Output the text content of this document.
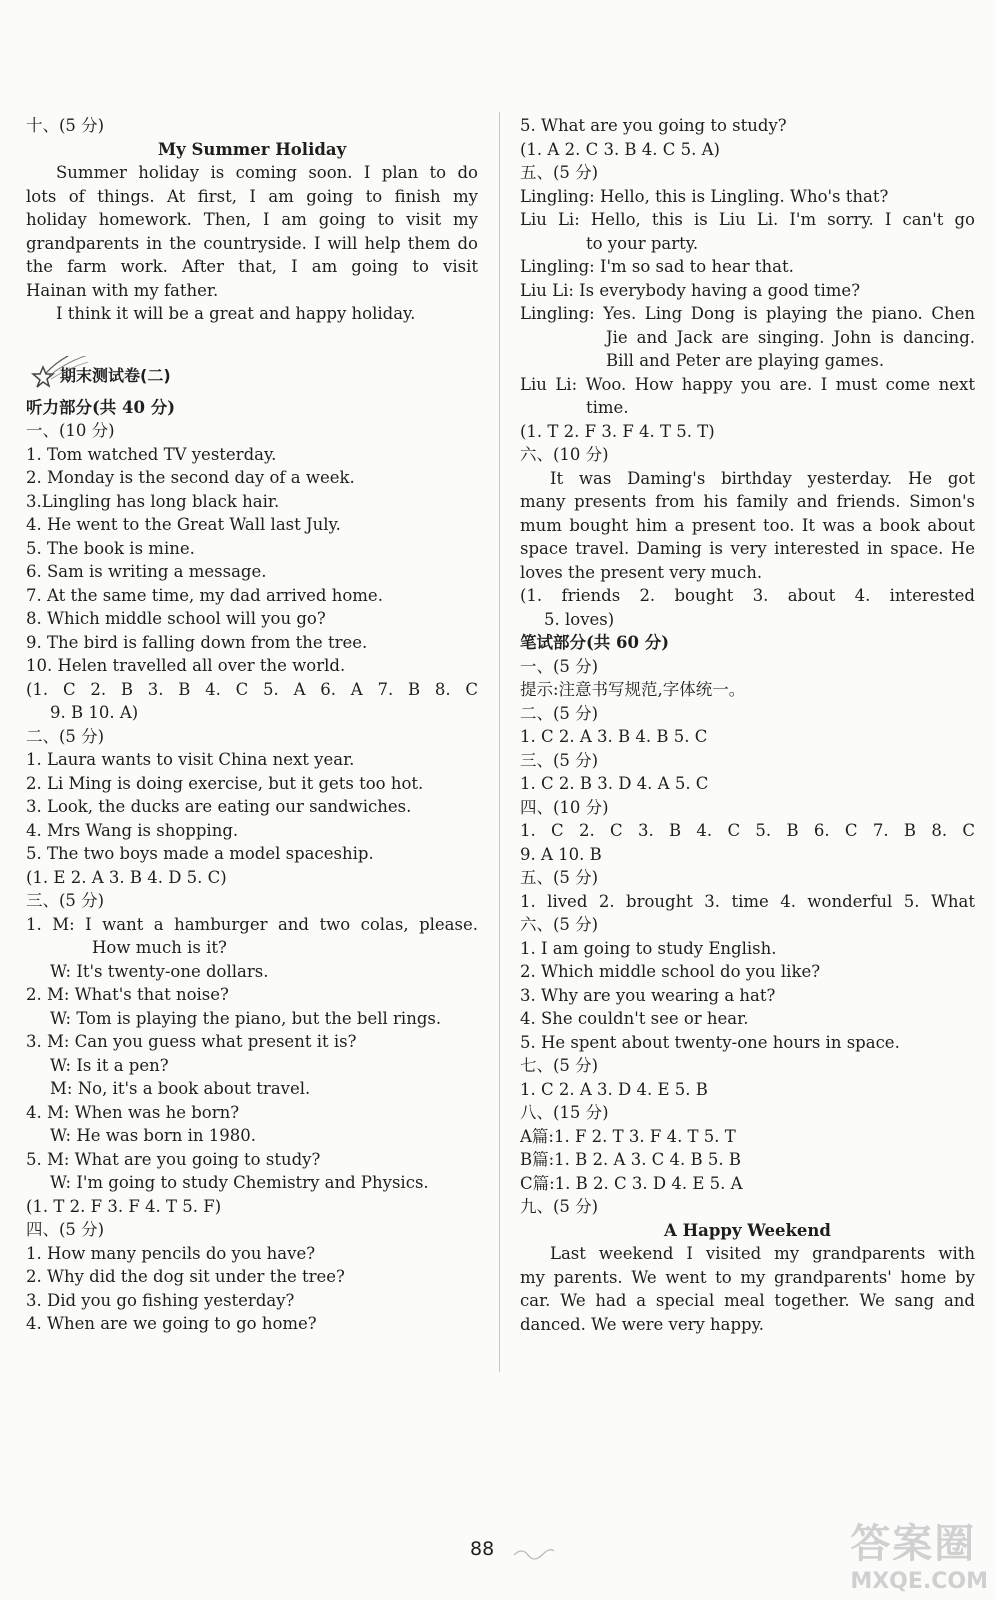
十、(5 分)
My Summer Holiday
Summer holiday is coming soon. I plan to do
lots of things. At first, I am going to finish my
holiday homework. Then, I am going to visit my
grandparents in the countryside. I will help them do
the farm work. After that, I am going to visit
Hainan with my father.
I think it will be a great and happy holiday.
期末测试卷(二)
听力部分(共 40 分)
一、(10 分)
1. Tom watched TV yesterday.
2. Monday is the second day of a week.
3.Lingling has long black hair.
4. He went to the Great Wall last July.
5. The book is mine.
6. Sam is writing a message.
7. At the same time, my dad arrived home.
8. Which middle school will you go?
9. The bird is falling down from the tree.
10. Helen travelled all over the world.
(1. C 2. B 3. B 4. C 5. A 6. A 7. B 8. C
9. B 10. A)
二、(5 分)
1. Laura wants to visit China next year.
2. Li Ming is doing exercise, but it gets too hot.
3. Look, the ducks are eating our sandwiches.
4. Mrs Wang is shopping.
5. The two boys made a model spaceship.
(1. E 2. A 3. B 4. D 5. C)
三、(5 分)
1. M: I want a hamburger and two colas, please.
How much is it?
W: It's twenty-one dollars.
2. M: What's that noise?
W: Tom is playing the piano, but the bell rings.
3. M: Can you guess what present it is?
W: Is it a pen?
M: No, it's a book about travel.
4. M: When was he born?
W: He was born in 1980.
5. M: What are you going to study?
W: I'm going to study Chemistry and Physics.
(1. T 2. F 3. F 4. T 5. F)
四、(5 分)
1. How many pencils do you have?
2. Why did the dog sit under the tree?
3. Did you go fishing yesterday?
4. When are we going to go home?
5. What are you going to study?
(1. A 2. C 3. B 4. C 5. A)
五、(5 分)
Lingling: Hello, this is Lingling. Who's that?
Liu Li: Hello, this is Liu Li. I'm sorry. I can't go
to your party.
Lingling: I'm so sad to hear that.
Liu Li: Is everybody having a good time?
Lingling: Yes. Ling Dong is playing the piano. Chen
Jie and Jack are singing. John is dancing.
Bill and Peter are playing games.
Liu Li: Woo. How happy you are. I must come next
time.
(1. T 2. F 3. F 4. T 5. T)
六、(10 分)
It was Daming's birthday yesterday. He got
many presents from his family and friends. Simon's
mum bought him a present too. It was a book about
space travel. Daming is very interested in space. He
loves the present very much.
(1. friends 2. bought 3. about 4. interested
5. loves)
笔试部分(共 60 分)
一、(5 分)
提示:注意书写规范,字体统一。
二、(5 分)
1. C 2. A 3. B 4. B 5. C
三、(5 分)
1. C 2. B 3. D 4. A 5. C
四、(10 分)
1. C 2. C 3. B 4. C 5. B 6. C 7. B 8. C
9. A 10. B
五、(5 分)
1. lived 2. brought 3. time 4. wonderful 5. What
六、(5 分)
1. I am going to study English.
2. Which middle school do you like?
3. Why are you wearing a hat?
4. She couldn't see or hear.
5. He spent about twenty-one hours in space.
七、(5 分)
1. C 2. A 3. D 4. E 5. B
八、(15 分)
A篇:1. F 2. T 3. F 4. T 5. T
B篇:1. B 2. A 3. C 4. B 5. B
C篇:1. B 2. C 3. D 4. E 5. A
九、(5 分)
A Happy Weekend
Last weekend I visited my grandparents with
my parents. We went to my grandparents' home by
car. We had a special meal together. We sang and
danced. We were very happy.
88	答案圈
MXQE.COM
